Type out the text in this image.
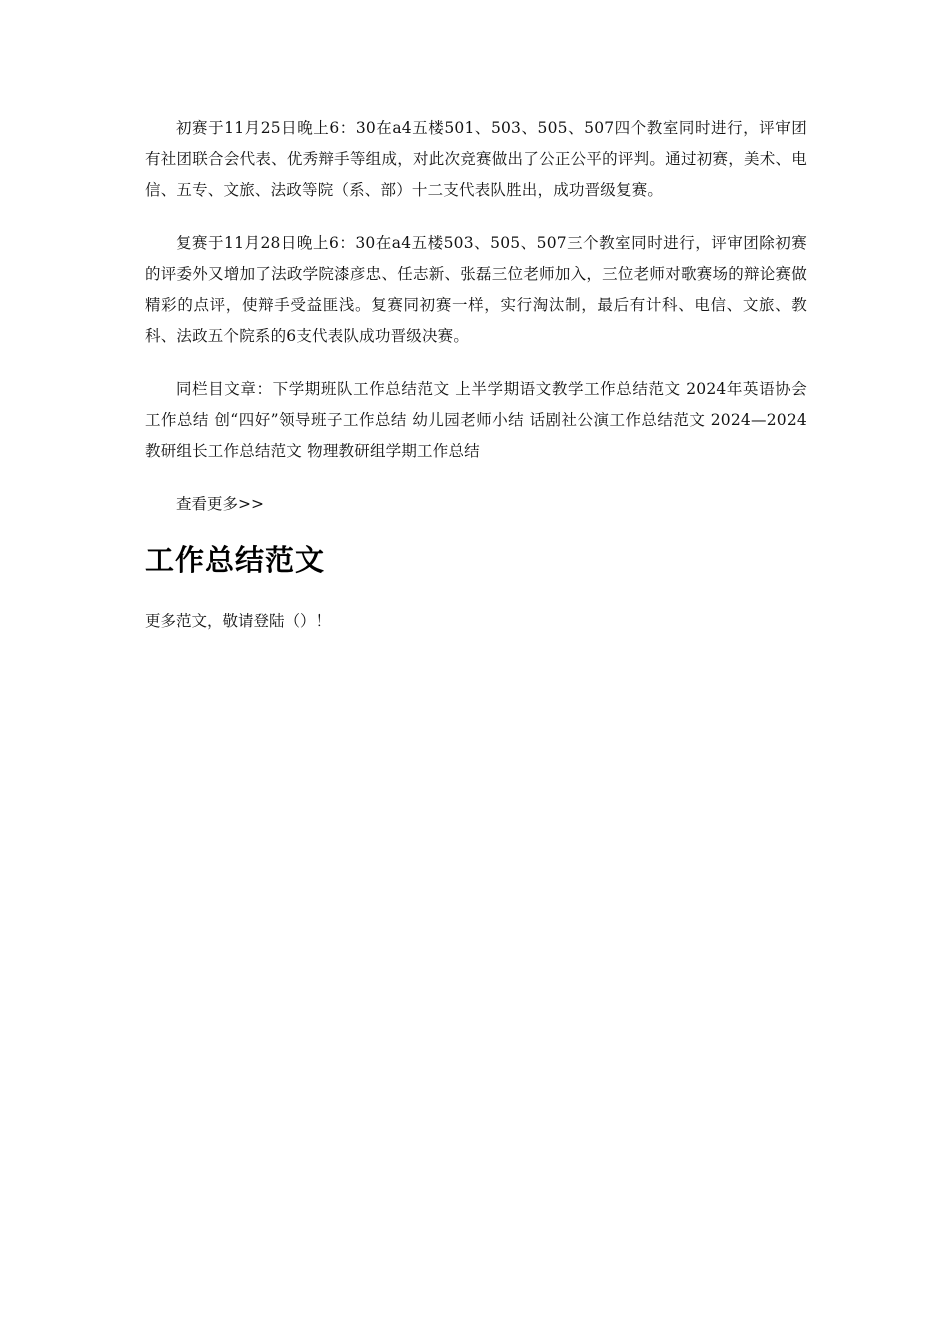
初赛于11月25日晚上6：30在a4五楼501、503、505、507四个教室同时进行，评审团有社团联合会代表、优秀辩手等组成，对此次竞赛做出了公正公平的评判。通过初赛，美术、电信、五专、文旅、法政等院（系、部）十二支代表队胜出，成功晋级复赛。

复赛于11月28日晚上6：30在a4五楼503、505、507三个教室同时进行，评审团除初赛的评委外又增加了法政学院漆彦忠、任志新、张磊三位老师加入，三位老师对歌赛场的辩论赛做精彩的点评，使辩手受益匪浅。复赛同初赛一样，实行淘汰制，最后有计科、电信、文旅、教科、法政五个院系的6支代表队成功晋级决赛。

同栏目文章：下学期班队工作总结范文 上半学期语文教学工作总结范文 2024年英语协会工作总结 创“四好”领导班子工作总结 幼儿园老师小结 话剧社公演工作总结范文 2024—2024教研组长工作总结范文 物理教研组学期工作总结

查看更多>>

工作总结范文

更多范文，敬请登陆（）！
